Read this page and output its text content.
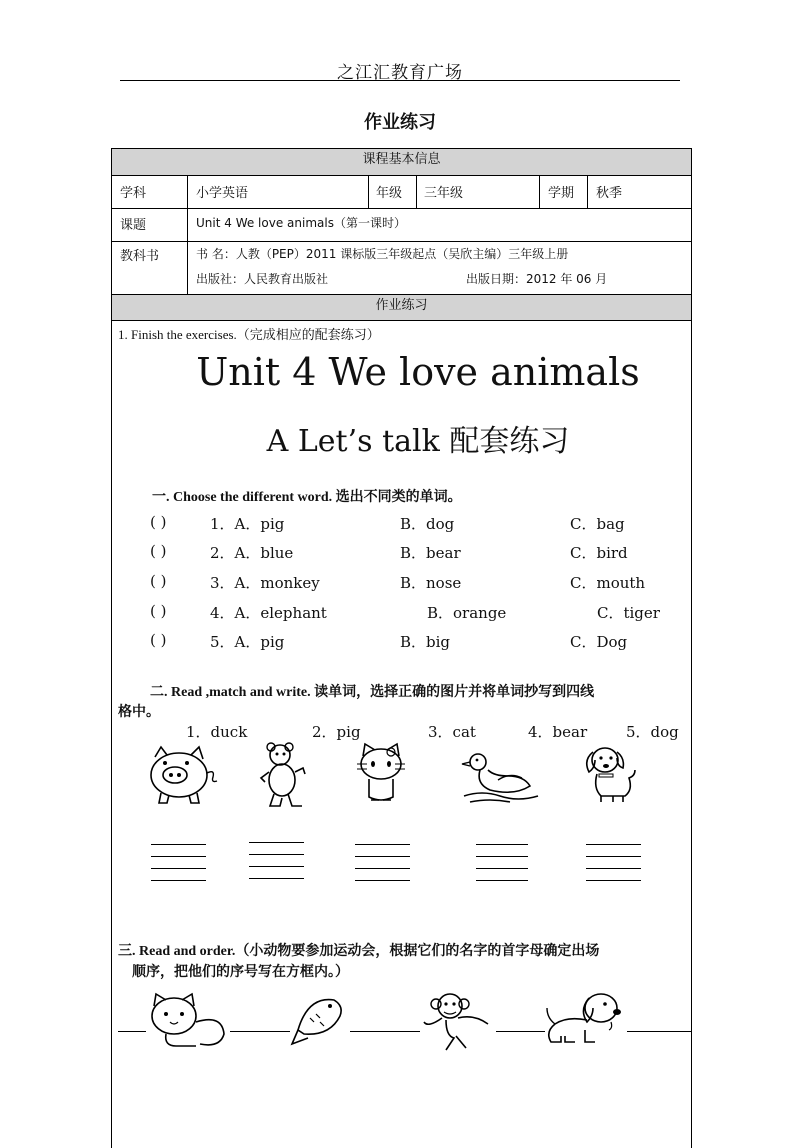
之江汇教育广场
作业练习
课程基本信息
学科	小学英语	年级 三年级	学期 秋季
课题	Unit 4 We love animals（第一课时）
教科书	书 名：人教（PEP）2011 课标版三年级起点（吴欣主编）三年级上册
出版社：人民教育出版社	出版日期：2012 年 06 月
作业练习
1. Finish the exercises.（完成相应的配套练习）
Unit 4 We love animals
A Let’s talk 配套练习
一. Choose the different word. 选出不同类的单词。
( )	1．A．pig	B．dog	C．bag
( )	2．A．blue	B．bear	C．bird
( )	3．A．monkey	B．nose	C．mouth
( )	4．A．elephant	B．orange	C．tiger
( )	5．A．pig	B．big	C．Dog
二. Read ,match and write. 读单词，选择正确的图片并将单词抄写到四线
格中。
1．duck	2．pig	3．cat	4．bear	5．dog
三. Read and order.（小动物要参加运动会，根据它们的名字的首字母确定出场
顺序，把他们的序号写在方框内。）
